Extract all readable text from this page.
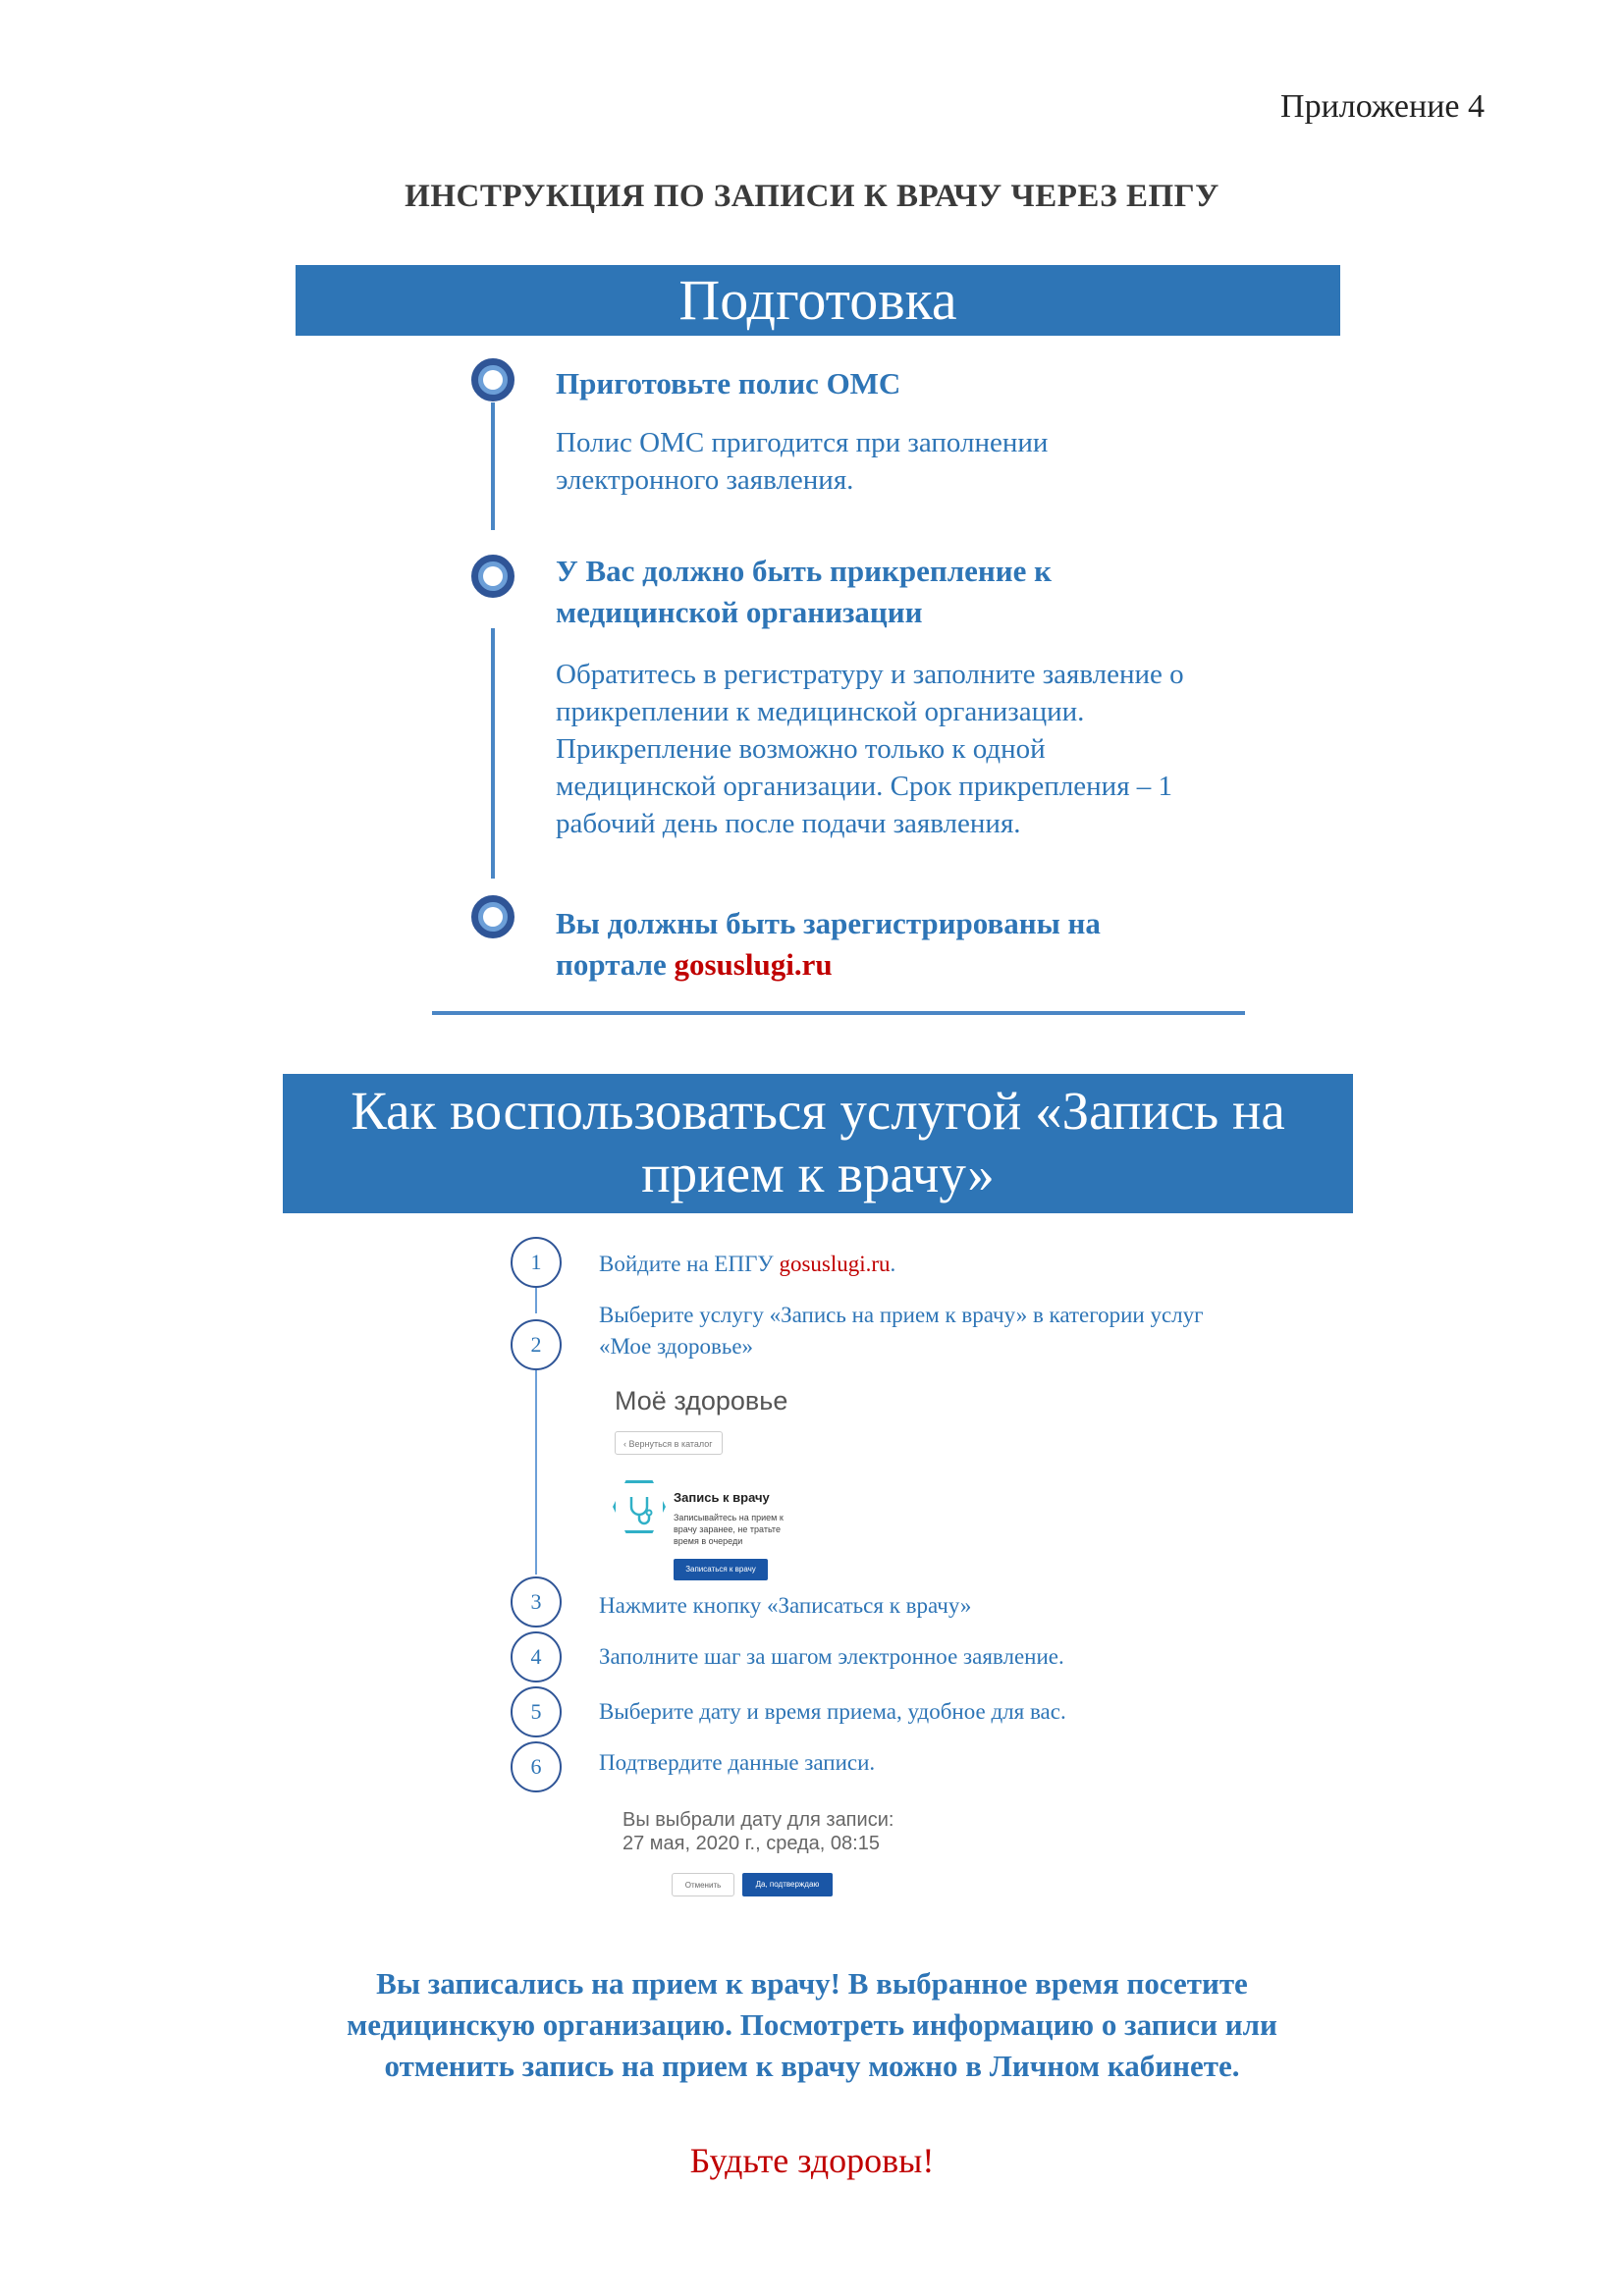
Приложение 4
ИНСТРУКЦИЯ ПО ЗАПИСИ К ВРАЧУ ЧЕРЕЗ ЕПГУ
Подготовка
Приготовьте полис ОМС
Полис ОМС пригодится при заполнении электронного заявления.
У Вас должно быть прикрепление к медицинской организации
Обратитесь в регистратуру и заполните заявление о прикреплении к медицинской организации. Прикрепление возможно только к одной медицинской организации. Срок прикрепления – 1 рабочий день после подачи заявления.
Вы должны быть зарегистрированы на портале gosuslugi.ru
Как воспользоваться услугой «Запись на прием к врачу»
1	Войдите на ЕПГУ gosuslugi.ru.
2
Выберите услугу «Запись на прием к врачу» в категории услуг «Мое здоровье»
Моё здоровье
‹ Вернуться в каталог
Запись к врачу
Записывайтесь на прием к врачу заранее, не тратьте время в очереди
Записаться к врачу
3	Нажмите кнопку «Записаться к врачу»
4	Заполните шаг за шагом электронное заявление.
5	Выберите дату и время приема, удобное для вас.
6	Подтвердите данные записи.
Вы выбрали дату для записи:
27 мая, 2020 г., среда, 08:15
Отменить	Да, подтверждаю
Вы записались на прием к врачу! В выбранное время посетите медицинскую организацию. Посмотреть информацию о записи или отменить запись на прием к врачу можно в Личном кабинете.
Будьте здоровы!
